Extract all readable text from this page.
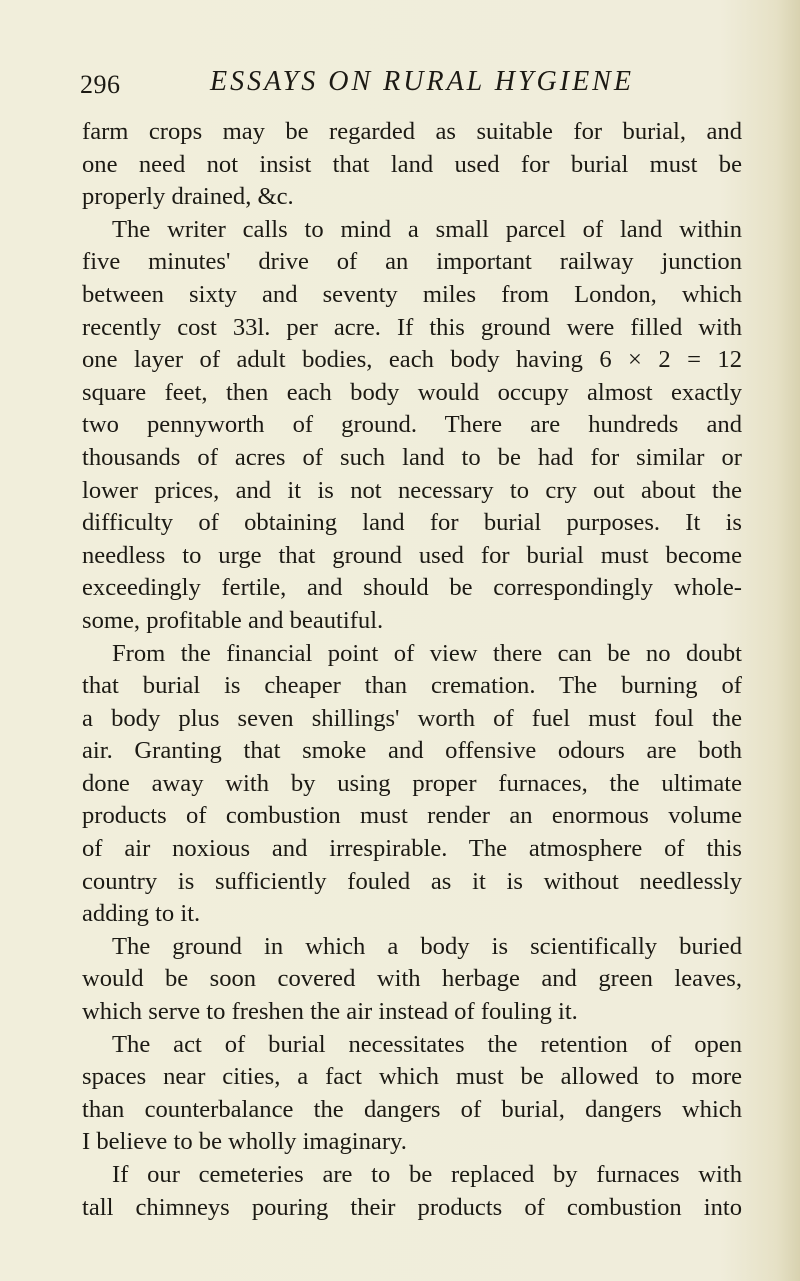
296	ESSAYS ON RURAL HYGIENE
farm crops may be regarded as suitable for burial, and
one need not insist that land used for burial must be
properly drained, &c.
The writer calls to mind a small parcel of land within
five minutes' drive of an important railway junction
between sixty and seventy miles from London, which
recently cost 33l. per acre. If this ground were filled with
one layer of adult bodies, each body having 6 × 2 = 12
square feet, then each body would occupy almost exactly
two pennyworth of ground. There are hundreds and
thousands of acres of such land to be had for similar or
lower prices, and it is not necessary to cry out about the
difficulty of obtaining land for burial purposes. It is
needless to urge that ground used for burial must become
exceedingly fertile, and should be correspondingly whole-
some, profitable and beautiful.
From the financial point of view there can be no doubt
that burial is cheaper than cremation. The burning of
a body plus seven shillings' worth of fuel must foul the
air. Granting that smoke and offensive odours are both
done away with by using proper furnaces, the ultimate
products of combustion must render an enormous volume
of air noxious and irrespirable. The atmosphere of this
country is sufficiently fouled as it is without needlessly
adding to it.
The ground in which a body is scientifically buried
would be soon covered with herbage and green leaves,
which serve to freshen the air instead of fouling it.
The act of burial necessitates the retention of open
spaces near cities, a fact which must be allowed to more
than counterbalance the dangers of burial, dangers which
I believe to be wholly imaginary.
If our cemeteries are to be replaced by furnaces with
tall chimneys pouring their products of combustion into
